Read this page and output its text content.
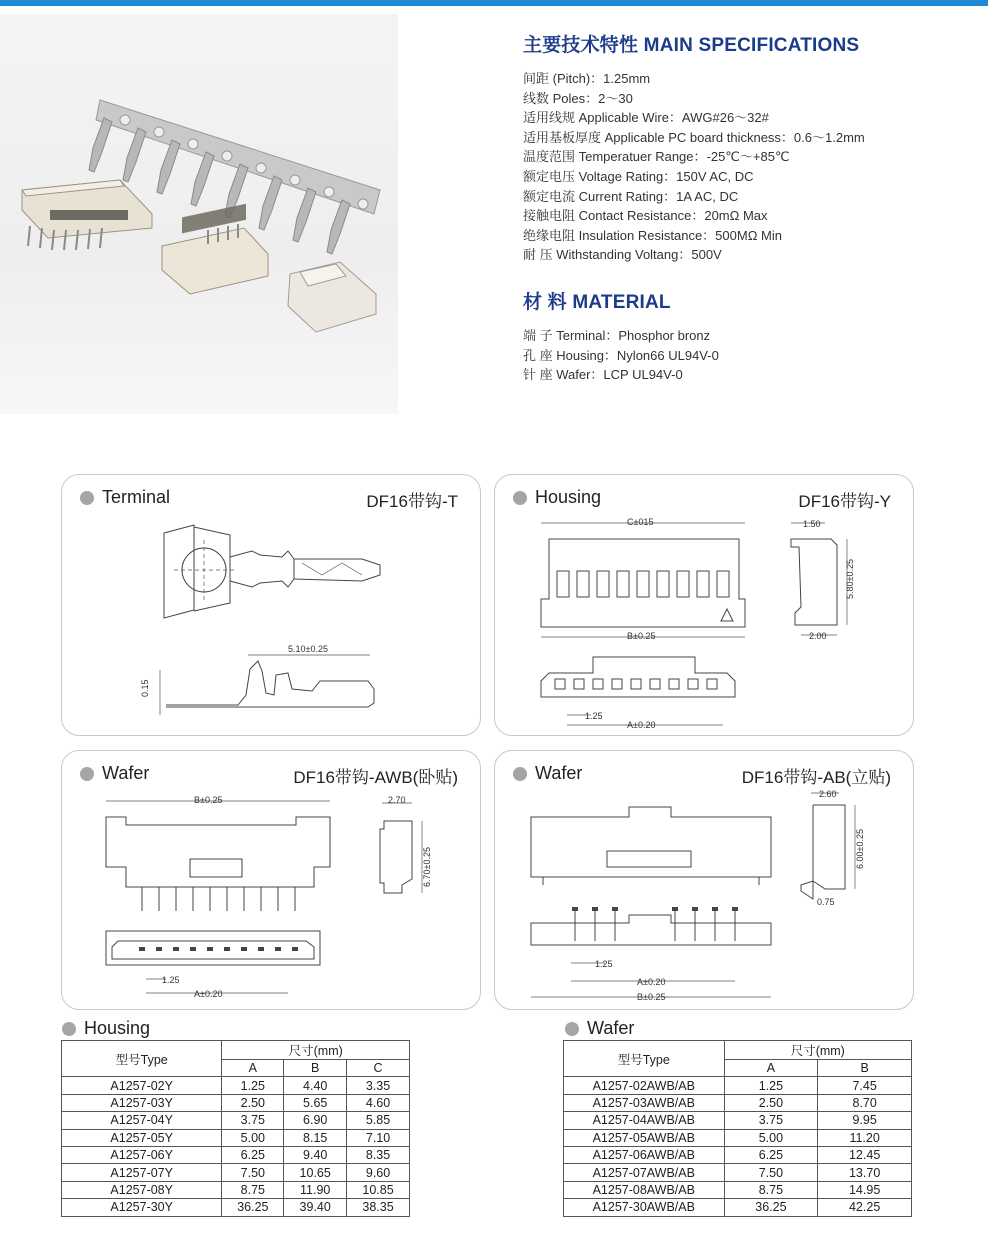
主要技术特性 MAIN SPECIFICATIONS
间距 (Pitch)：1.25mm
线数 Poles：2～30
适用线规 Applicable Wire：AWG#26～32#
适用基板厚度 Applicable PC board thickness：0.6～1.2mm
温度范围 Temperatuer Range：-25℃～+85℃
额定电压 Voltage Rating：150V AC, DC
额定电流 Current Rating：1A AC, DC
接触电阻 Contact Resistance：20mΩ Max
绝缘电阻 Insulation Resistance：500MΩ Min
耐 压 Withstanding Voltang：500V
材 料 MATERIAL
端 子 Terminal：Phosphor bronz
孔 座 Housing：Nylon66 UL94V-0
针 座 Wafer：LCP UL94V-0
Terminal	DF16带钩-T
5.10±0.25
0.15
Housing	DF16带钩-Y
C±015
B±0.25
1.50
5.80±0.25
2.00
1.25
A±0.20
Wafer	DF16带钩-AWB(卧贴)
B±0.25	2.70
6.70±0.25
1.25
A±0.20
Wafer	DF16带钩-AB(立贴)
2.60
6.00±0.25
0.75
1.25
A±0.20
B±0.25
Housing
型号Type	尺寸(mm)		
	A	B	C
A1257-02Y	1.25	4.40	3.35
A1257-03Y	2.50	5.65	4.60
A1257-04Y	3.75	6.90	5.85
A1257-05Y	5.00	8.15	7.10
A1257-06Y	6.25	9.40	8.35
A1257-07Y	7.50	10.65	9.60
A1257-08Y	8.75	11.90	10.85
A1257-30Y	36.25	39.40	38.35
Wafer
型号Type	尺寸(mm)	
	A	B
A1257-02AWB/AB	1.25	7.45
A1257-03AWB/AB	2.50	8.70
A1257-04AWB/AB	3.75	9.95
A1257-05AWB/AB	5.00	11.20
A1257-06AWB/AB	6.25	12.45
A1257-07AWB/AB	7.50	13.70
A1257-08AWB/AB	8.75	14.95
A1257-30AWB/AB	36.25	42.25
